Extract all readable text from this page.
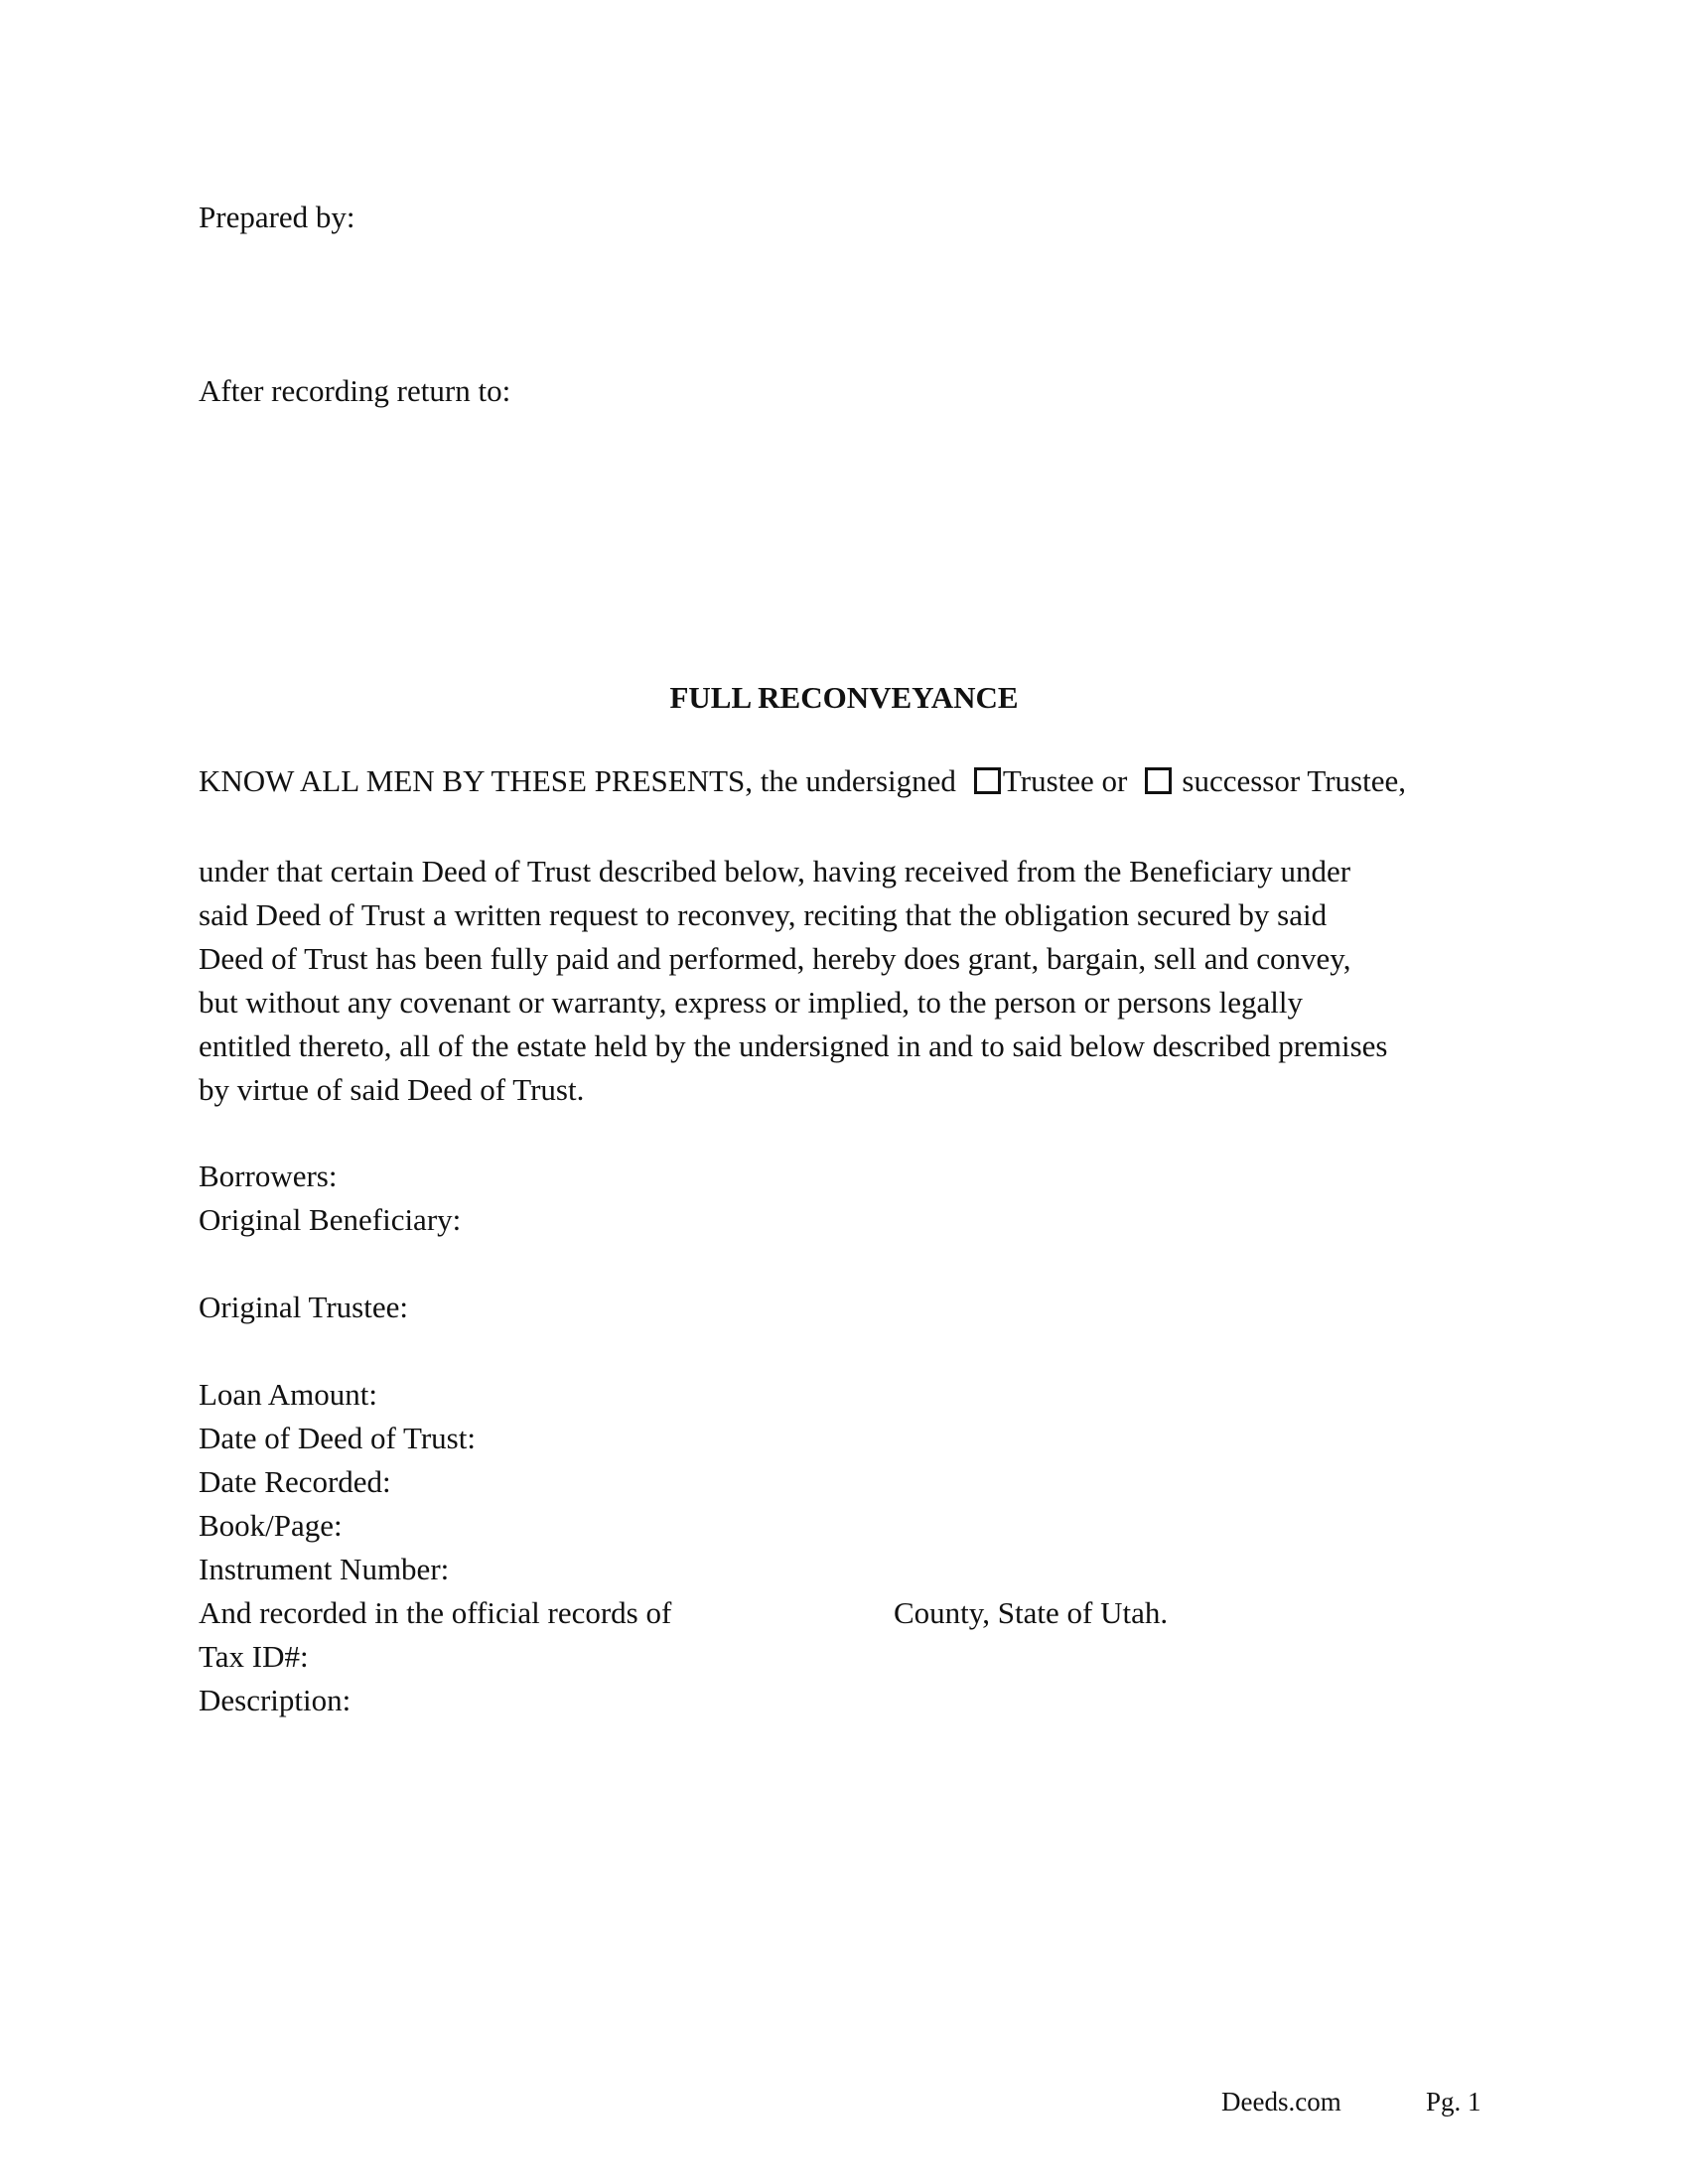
Prepared by:
After recording return to:
FULL RECONVEYANCE
KNOW ALL MEN BY THESE PRESENTS, the undersigned Trustee or successor Trustee,

under that certain Deed of Trust described below, having received from the Beneficiary under

said Deed of Trust a written request to reconvey, reciting that the obligation secured by said

Deed of Trust has been fully paid and performed, hereby does grant, bargain, sell and convey,

but without any covenant or warranty, express or implied, to the person or persons legally

entitled thereto, all of the estate held by the undersigned in and to said below described premises

by virtue of said Deed of Trust.

Borrowers:
Original Beneficiary:
Original Trustee:
Loan Amount:
Date of Deed of Trust:
Date Recorded:
Book/Page:
Instrument Number:
And recorded in the official records of	County, State of Utah.
Tax ID#:
Description:
Deeds.com	Pg. 1
